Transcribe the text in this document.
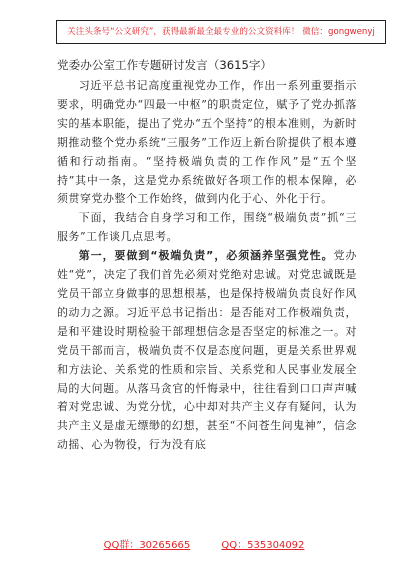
关注头条号“公文研究”，获得最新最全最专业的公文资料库！ 微信：gongwenyj
党委办公室工作专题研讨发言（3615字）

习近平总书记高度重视党办工作，作出一系列重要指示要求，明确党办“四最一中枢”的职责定位，赋予了党办抓落实的基本职能，提出了党办“五个坚持”的根本准则，为新时期推动整个党办系统“三服务”工作迈上新台阶提供了根本遵循和行动指南。“坚持极端负责的工作作风”是“五个坚持”其中一条，这是党办系统做好各项工作的根本保障，必须贯穿党办整个工作始终，做到内化于心、外化于行。

下面，我结合自身学习和工作，围绕“极端负责”抓“三服务”工作谈几点思考。

第一，要做到“极端负责”，必须涵养坚强党性。党办姓“党”，决定了我们首先必须对党绝对忠诚。对党忠诚既是党员干部立身做事的思想根基，也是保持极端负责良好作风的动力之源。习近平总书记指出：是否能对工作极端负责，是和平建设时期检验干部理想信念是否坚定的标准之一。对党员干部而言，极端负责不仅是态度问题，更是关系世界观和方法论、关系党的性质和宗旨、关系党和人民事业发展全局的大问题。从落马贪官的忏悔录中，往往看到口口声声喊着对党忠诚、为党分忧，心中却对共产主义存有疑问，认为共产主义是虚无缥缈的幻想，甚至“不问苍生问鬼神”，信念动摇、心为物役，行为没有底

QQ群：30265665	QQ：535304092
